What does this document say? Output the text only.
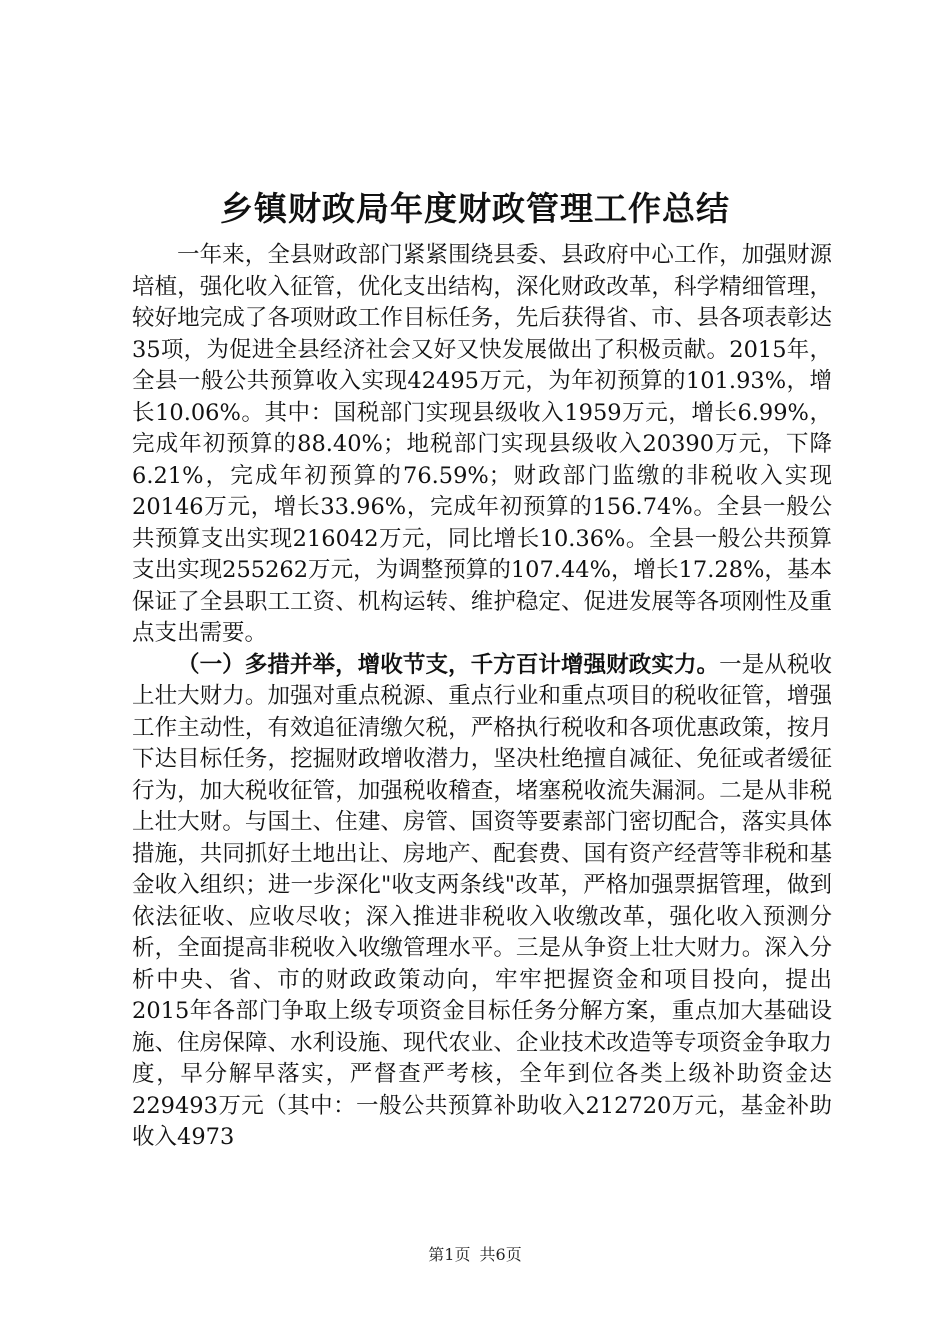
乡镇财政局年度财政管理工作总结

一年来，全县财政部门紧紧围绕县委、县政府中心工作，加强财源培植，强化收入征管，优化支出结构，深化财政改革，科学精细管理，较好地完成了各项财政工作目标任务，先后获得省、市、县各项表彰达35项，为促进全县经济社会又好又快发展做出了积极贡献。2015年，全县一般公共预算收入实现42495万元，为年初预算的101.93%，增长10.06%。其中：国税部门实现县级收入1959万元，增长6.99%，完成年初预算的88.40%；地税部门实现县级收入20390万元，下降6.21%，完成年初预算的76.59%；财政部门监缴的非税收入实现20146万元，增长33.96%，完成年初预算的156.74%。全县一般公共预算支出实现216042万元，同比增长10.36%。全县一般公共预算支出实现255262万元，为调整预算的107.44%，增长17.28%，基本保证了全县职工工资、机构运转、维护稳定、促进发展等各项刚性及重点支出需要。

（一）多措并举，增收节支，千方百计增强财政实力。一是从税收上壮大财力。加强对重点税源、重点行业和重点项目的税收征管，增强工作主动性，有效追征清缴欠税，严格执行税收和各项优惠政策，按月下达目标任务，挖掘财政增收潜力，坚决杜绝擅自减征、免征或者缓征行为，加大税收征管，加强税收稽查，堵塞税收流失漏洞。二是从非税上壮大财。与国土、住建、房管、国资等要素部门密切配合，落实具体措施，共同抓好土地出让、房地产、配套费、国有资产经营等非税和基金收入组织；进一步深化"收支两条线"改革，严格加强票据管理，做到依法征收、应收尽收；深入推进非税收入收缴改革，强化收入预测分析，全面提高非税收入收缴管理水平。三是从争资上壮大财力。深入分析中央、省、市的财政政策动向，牢牢把握资金和项目投向，提出2015年各部门争取上级专项资金目标任务分解方案，重点加大基础设施、住房保障、水利设施、现代农业、企业技术改造等专项资金争取力度，早分解早落实，严督查严考核，全年到位各类上级补助资金达229493万元（其中：一般公共预算补助收入212720万元，基金补助收入4973

第1页 共6页
